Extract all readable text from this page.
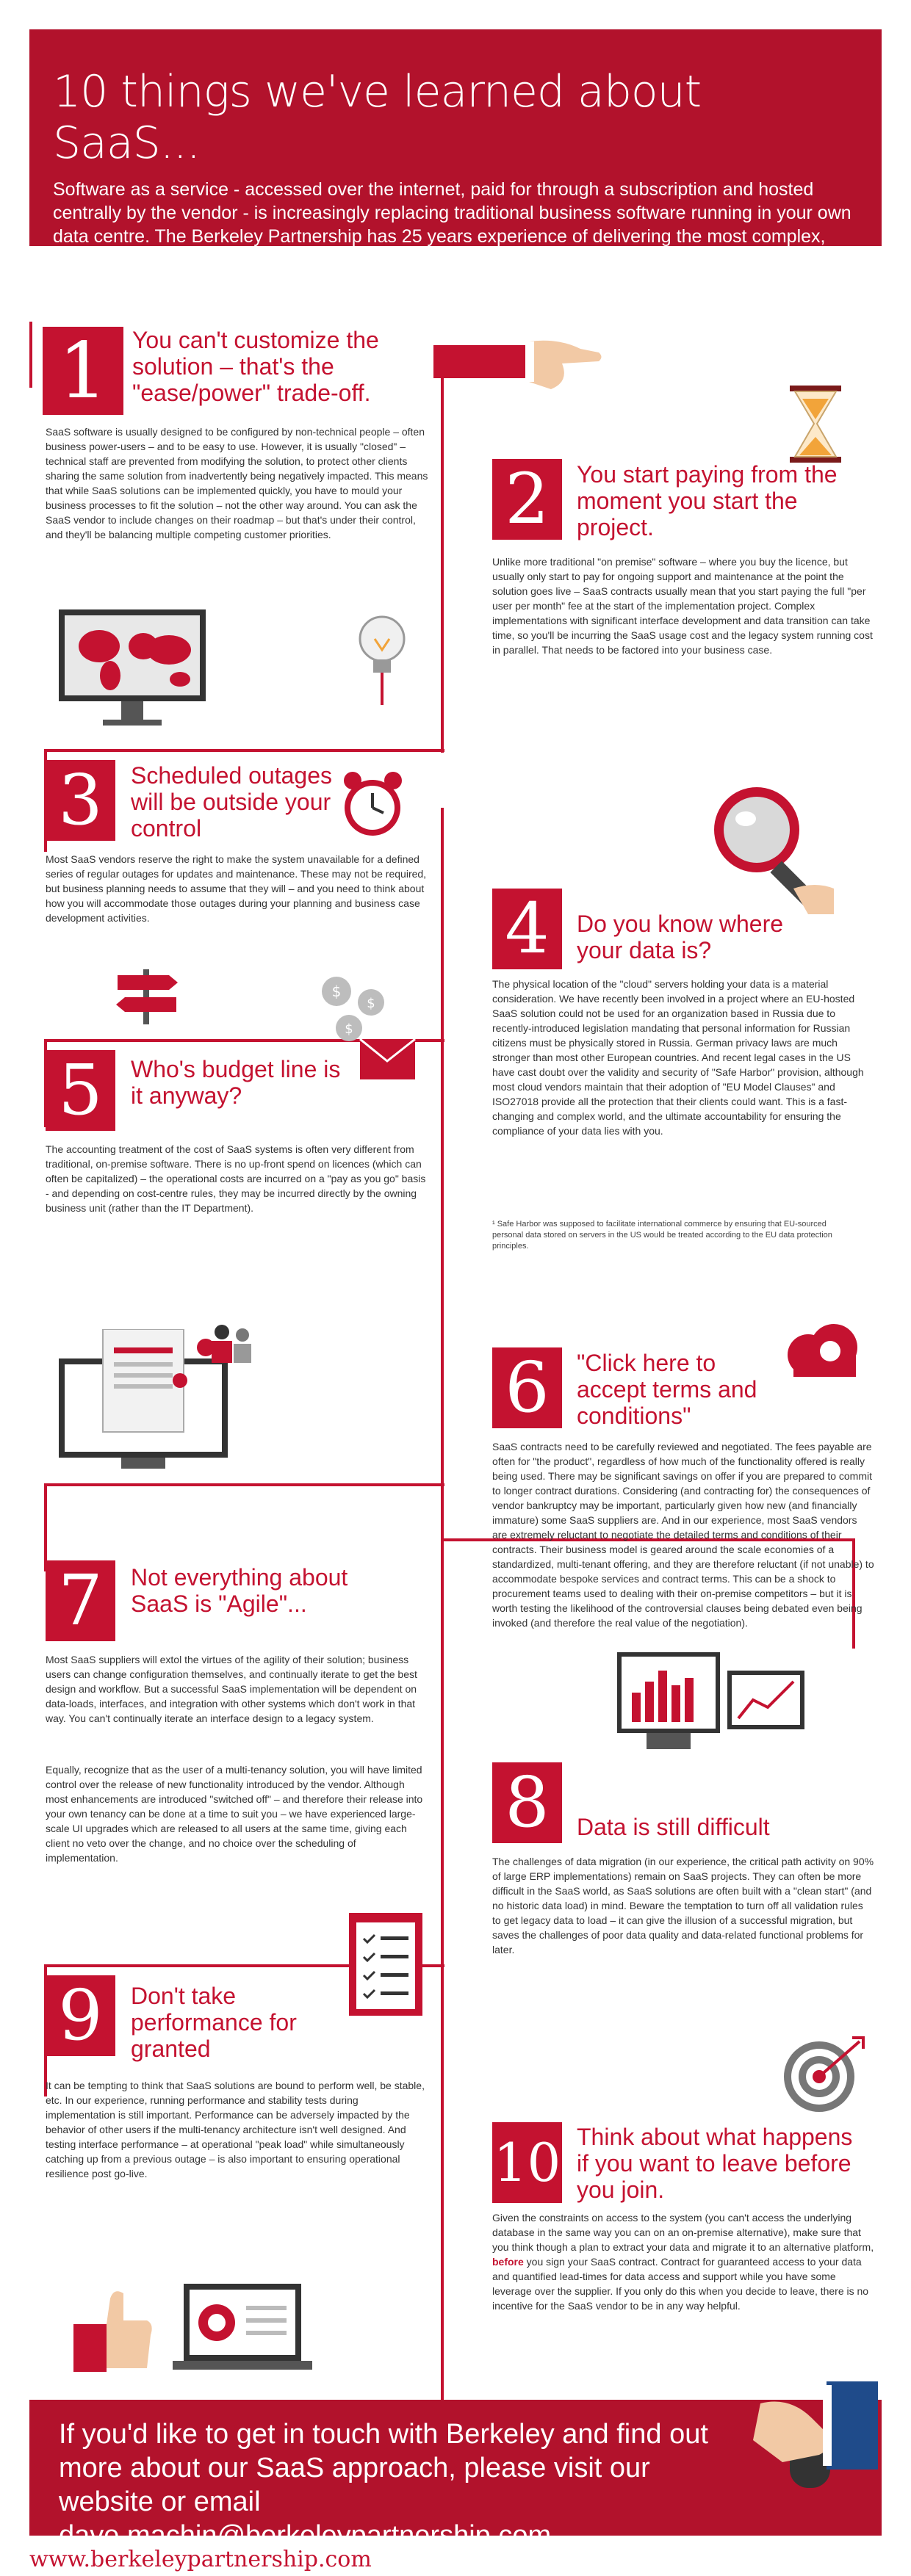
10 things we've learned about SaaS...

Software as a service - accessed over the internet, paid for through a subscription and hosted centrally by the vendor - is increasingly replacing traditional business software running in your own data centre. The Berkeley Partnership has 25 years experience of delivering the most complex, critical, technology-enabled change. Here are 10 things we've learned about SaaS.

1	You can't customize the solution – that's the "ease/power" trade-off.
SaaS software is usually designed to be configured by non-technical people – often business power-users – and to be easy to use. However, it is usually "closed" – technical staff are prevented from modifying the solution, to protect other clients sharing the same solution from inadvertently being negatively impacted. This means that while SaaS solutions can be implemented quickly, you have to mould your business processes to fit the solution – not the other way around. You can ask the SaaS vendor to include changes on their roadmap – but that's under their control, and they'll be balancing multiple competing customer priorities.	2	You start paying from the moment you start the project.
Unlike more traditional "on premise" software – where you buy the licence, but usually only start to pay for ongoing support and maintenance at the point the solution goes live – SaaS contracts usually mean that you start paying the full "per user per month" fee at the start of the implementation project. Complex implementations with significant interface development and data transition can take time, so you'll be incurring the SaaS usage cost and the legacy system running cost in parallel. That needs to be factored into your business case.
3	Scheduled outages will be outside your control
Most SaaS vendors reserve the right to make the system unavailable for a defined series of regular outages for updates and maintenance. These may not be required, but business planning needs to assume that they will – and you need to think about how you will accommodate those outages during your planning and business case development activities.	4	Do you know where your data is?
The physical location of the "cloud" servers holding your data is a material consideration. We have recently been involved in a project where an EU-hosted SaaS solution could not be used for an organization based in Russia due to recently-introduced legislation mandating that personal information for Russian citizens must be physically stored in Russia. German privacy laws are much stronger than most other European countries. And recent legal cases in the US have cast doubt over the validity and security of "Safe Harbor" provision, although most cloud vendors maintain that their adoption of "EU Model Clauses" and ISO27018 provide all the protection that their clients could want. This is a fast-changing and complex world, and the ultimate accountability for ensuring the compliance of your data lies with you.
¹ Safe Harbor was supposed to facilitate international commerce by ensuring that EU-sourced personal data stored on servers in the US would be treated according to the EU data protection principles.
$
$
$
5	Who's budget line is it anyway?
The accounting treatment of the cost of SaaS systems is often very different from traditional, on-premise software. There is no up-front spend on licences (which can often be capitalized) – the operational costs are incurred on a "pay as you go" basis - and depending on cost-centre rules, they may be incurred directly by the owning business unit (rather than the IT Department).
6	"Click here to accept terms and conditions"
SaaS contracts need to be carefully reviewed and negotiated. The fees payable are often for "the product", regardless of how much of the functionality offered is really being used. There may be significant savings on offer if you are prepared to commit to longer contract durations. Considering (and contracting for) the consequences of vendor bankruptcy may be important, particularly given how new (and financially immature) some SaaS suppliers are. And in our experience, most SaaS vendors are extremely reluctant to negotiate the detailed terms and conditions of their contracts. Their business model is geared around the scale economies of a standardized, multi-tenant offering, and they are therefore reluctant (if not unable) to accommodate bespoke services and contract terms. This can be a shock to procurement teams used to dealing with their on-premise competitors – but it is worth testing the likelihood of the controversial clauses being debated even being invoked (and therefore the real value of the negotiation).
7	Not everything about SaaS is "Agile"...
Most SaaS suppliers will extol the virtues of the agility of their solution; business users can change configuration themselves, and continually iterate to get the best design and workflow. But a successful SaaS implementation will be dependent on data-loads, interfaces, and integration with other systems which don't work in that way. You can't continually iterate an interface design to a legacy system.
Equally, recognize that as the user of a multi-tenancy solution, you will have limited control over the release of new functionality introduced by the vendor. Although most enhancements are introduced "switched off" – and therefore their release into your own tenancy can be done at a time to suit you – we have experienced large-scale UI upgrades which are released to all users at the same time, giving each client no veto over the change, and no choice over the scheduling of implementation.
8	Data is still difficult
The challenges of data migration (in our experience, the critical path activity on 90% of large ERP implementations) remain on SaaS projects. They can often be more difficult in the SaaS world, as SaaS solutions are often built with a "clean start" (and no historic data load) in mind. Beware the temptation to turn off all validation rules to get legacy data to load – it can give the illusion of a successful migration, but saves the challenges of poor data quality and data-related functional problems for later.
9	Don't take performance for granted
It can be tempting to think that SaaS solutions are bound to perform well, be stable, etc. In our experience, running performance and stability tests during implementation is still important. Performance can be adversely impacted by the behavior of other users if the multi-tenancy architecture isn't well designed. And testing interface performance – at operational "peak load" while simultaneously catching up from a previous outage – is also important to ensuring operational resilience post go-live.	10 Think about what happens if you want to leave before you join.
Given the constraints on access to the system (you can't access the underlying database in the same way you can on an on-premise alternative), make sure that you think though a plan to extract your data and migrate it to an alternative platform, before you sign your SaaS contract. Contract for guaranteed access to your data and quantified lead-times for data access and support while you have some leverage over the supplier. If you only do this when you decide to leave, there is no incentive for the SaaS vendor to be in any way helpful.
If you'd like to get in touch with Berkeley and find out more about our SaaS approach, please visit our website or email dave.machin@berkeleypartnership.com
www.berkeleypartnership.com
